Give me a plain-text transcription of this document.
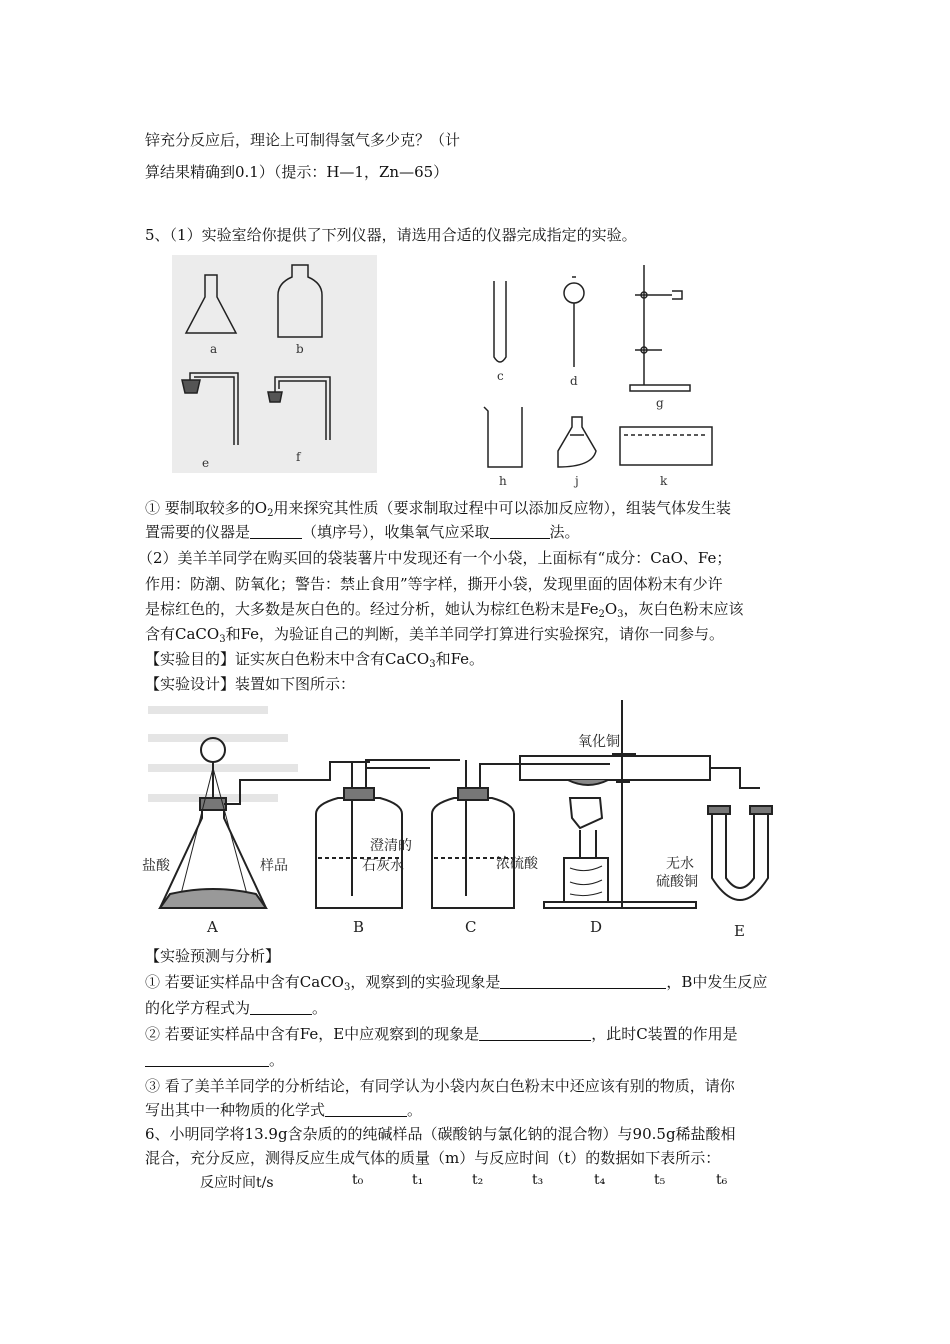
锌充分反应后，理论上可制得氢气多少克？（计
算结果精确到0.1）（提示：H—1，Zn—65）
5、（1）实验室给你提供了下列仪器，请选用合适的仪器完成指定的实验。
a	b
e	f
c	d
g
h	j	k
① 要制取较多的$O_2$用来探究其性质（要求制取过程中可以添加反应物），组装气体发生装
置需要的仪器是	（填序号），收集氧气应采取	法。
（2）美羊羊同学在购买回的袋装薯片中发现还有一个小袋，上面标有“成分：CaO、Fe；
作用：防潮、防氧化；警告：禁止食用”等字样，撕开小袋，发现里面的固体粉末有少许
是棕红色的，大多数是灰白色的。经过分析，她认为棕红色粉末是$Fe_2O_3$，灰白色粉末应该
含有CaCO$_3$和Fe，为验证自己的判断，美羊羊同学打算进行实验探究，请你一同参与。
【实验目的】证实灰白色粉末中含有CaCO$_3$和Fe。
【实验设计】装置如下图所示：
盐酸	样品
A	B
澄清的
石灰水
C
浓硫酸
氧化铜
D	E
无水
硫酸铜
【实验预测与分析】
① 若要证实样品中含有CaCO$_3$，观察到的实验现象是	，B中发生反应
的化学方程式为	。
② 若要证实样品中含有Fe，E中应观察到的现象是	，此时C装置的作用是
。
③ 看了美羊羊同学的分析结论，有同学认为小袋内灰白色粉末中还应该有别的物质，请你
写出其中一种物质的化学式	。
6、小明同学将13.9g含杂质的的纯碱样品（碳酸钠与氯化钠的混合物）与90.5g稀盐酸相
混合，充分反应，测得反应生成气体的质量（m）与反应时间（t）的数据如下表所示：
反应时间t/s	t₀	t₁	t₂	t₃	t₄	t₅	t₆
